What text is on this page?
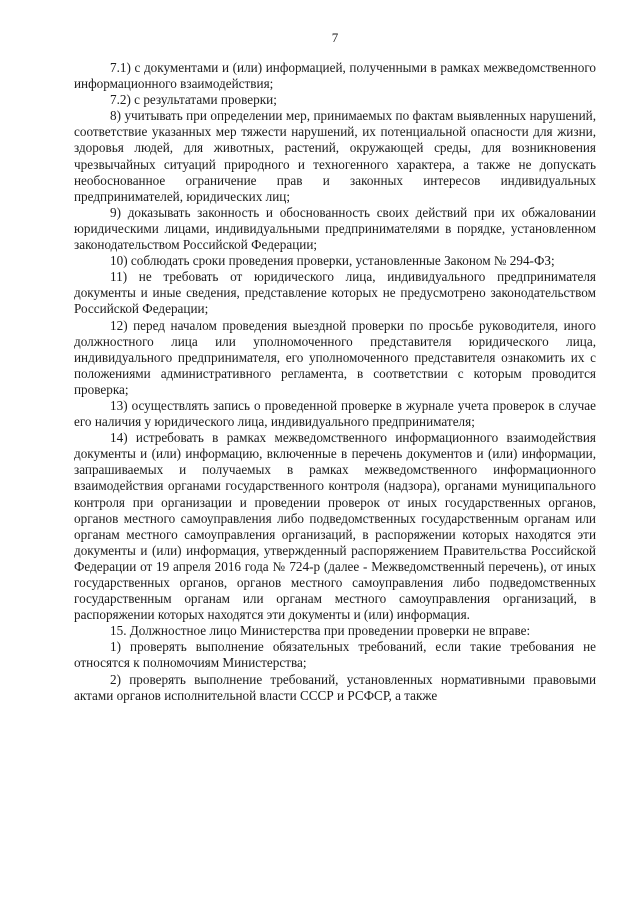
7

7.1) с документами и (или) информацией, полученными в рамках межведомственного информационного взаимодействия;

7.2) с результатами проверки;

8) учитывать при определении мер, принимаемых по фактам выявленных нарушений, соответствие указанных мер тяжести нарушений, их потенциальной опасности для жизни, здоровья людей, для животных, растений, окружающей среды, для возникновения чрезвычайных ситуаций природного и техногенного характера, а также не допускать необоснованное ограничение прав и законных интересов индивидуальных предпринимателей, юридических лиц;

9) доказывать законность и обоснованность своих действий при их обжаловании юридическими лицами, индивидуальными предпринимателями в порядке, установленном законодательством Российской Федерации;

10) соблюдать сроки проведения проверки, установленные Законом № 294-ФЗ;

11) не требовать от юридического лица, индивидуального предпринимателя документы и иные сведения, представление которых не предусмотрено законодательством Российской Федерации;

12) перед началом проведения выездной проверки по просьбе руководителя, иного должностного лица или уполномоченного представителя юридического лица, индивидуального предпринимателя, его уполномоченного представителя ознакомить их с положениями административного регламента, в соответствии с которым проводится проверка;

13) осуществлять запись о проведенной проверке в журнале учета проверок в случае его наличия у юридического лица, индивидуального предпринимателя;

14) истребовать в рамках межведомственного информационного взаимодействия документы и (или) информацию, включенные в перечень документов и (или) информации, запрашиваемых и получаемых в рамках межведомственного информационного взаимодействия органами государственного контроля (надзора), органами муниципального контроля при организации и проведении проверок от иных государственных органов, органов местного самоуправления либо подведомственных государственным органам или органам местного самоуправления организаций, в распоряжении которых находятся эти документы и (или) информация, утвержденный распоряжением Правительства Российской Федерации от 19 апреля 2016 года № 724-р (далее - Межведомственный перечень), от иных государственных органов, органов местного самоуправления либо подведомственных государственным органам или органам местного самоуправления организаций, в распоряжении которых находятся эти документы и (или) информация.

15. Должностное лицо Министерства при проведении проверки не вправе:

1) проверять выполнение обязательных требований, если такие требования не относятся к полномочиям Министерства;

2) проверять выполнение требований, установленных нормативными правовыми актами органов исполнительной власти СССР и РСФСР, а также
